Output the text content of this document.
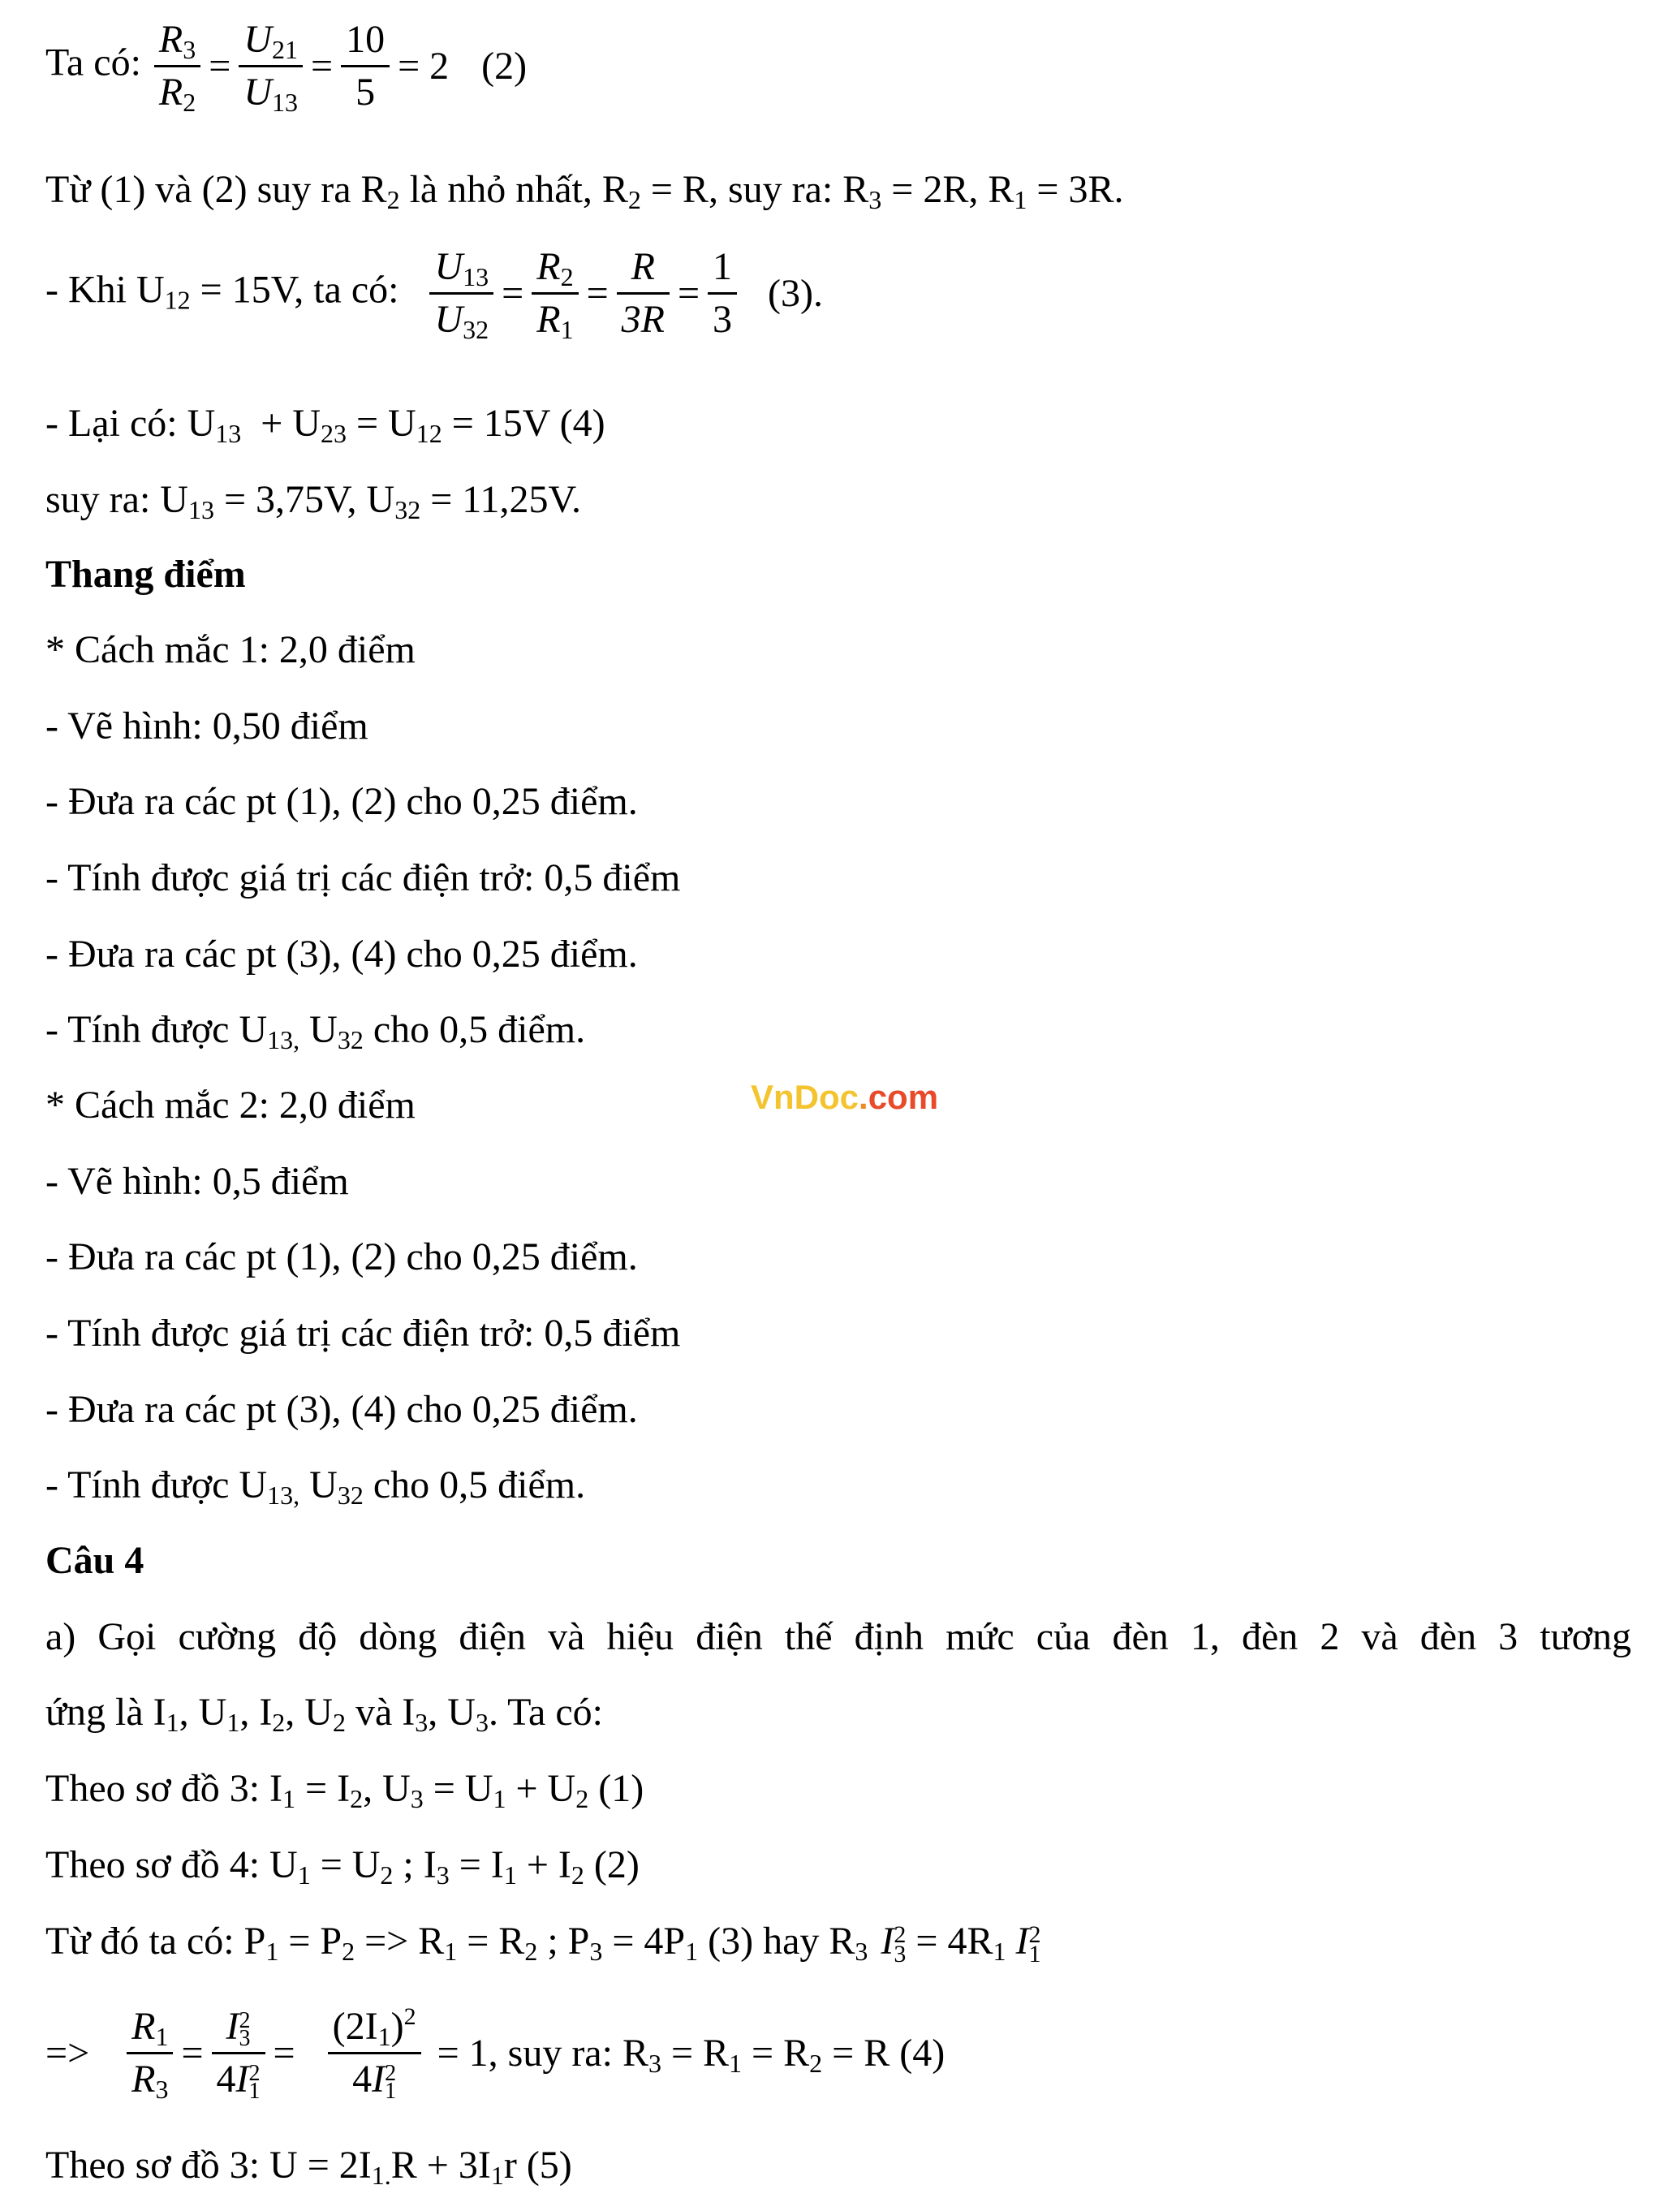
Ta có: $\frac{R_3}{R_2} = \frac{U_{21}}{U_{13}} = \frac{10}{5} = 2$ (2)
Từ (1) và (2) suy ra $R_2$ là nhỏ nhất, $R_2 = R$, suy ra: $R_3 = 2R$, $R_1 = 3R$.
- Khi $U_{12} = 15V$, ta có: $\frac{U_{13}}{U_{32}} = \frac{R_2}{R_1} = \frac{R}{3R} = \frac{1}{3} (3)$.
- Lại có: $U_{13} + U_{23} = U_{12} = 15V$ (4)
suy ra: $U_{13} = 3,75V$, $U_{32} = 11,25V$.
Thang điểm
* Cách mắc 1: 2,0 điểm
- Vẽ hình: 0,50 điểm
- Đưa ra các pt (1), (2) cho 0,25 điểm.
- Tính được giá trị các điện trở: 0,5 điểm
- Đưa ra các pt (3), (4) cho 0,25 điểm.
- Tính được $U_{13,}$ $U_{32}$ cho 0,5 điểm.
* Cách mắc 2: 2,0 điểm	VnDoc.com
- Vẽ hình: 0,5 điểm
- Đưa ra các pt (1), (2) cho 0,25 điểm.
- Tính được giá trị các điện trở: 0,5 điểm
- Đưa ra các pt (3), (4) cho 0,25 điểm.
- Tính được $U_{13,}$ $U_{32}$ cho 0,5 điểm.
Câu 4
a) Gọi cường độ dòng điện và hiệu điện thế định mức của đèn 1, đèn 2 và đèn 3 tương
ứng là $I_1$, $U_1$, $I_2$, $U_2$ và $I_3$, $U_3$. Ta có:
Theo sơ đồ 3: $I_1 = I_2$, $U_3 = U_1 + U_2$ (1)
Theo sơ đồ 4: $U_1 = U_2$ ; $I_3 = I_1 + I_2$ (2)
Từ đó ta có: $P_1 = P_2 => R_1 = R_2$ ; $P_3 = 4P_1$ (3) hay $R_3$ I 2
$3 = 4R_1$ I 2
1
=> $\frac{R_1}{R_3} = I$ 2
3
4I 2
$1 = (2I_1)^2$
4I 2
1 = 1, suy ra: $R_3 = R_1 = R_2 = R$ (4)
Theo sơ đồ 3: $U = 2I_{1.}R + 3I_1r$ (5)
